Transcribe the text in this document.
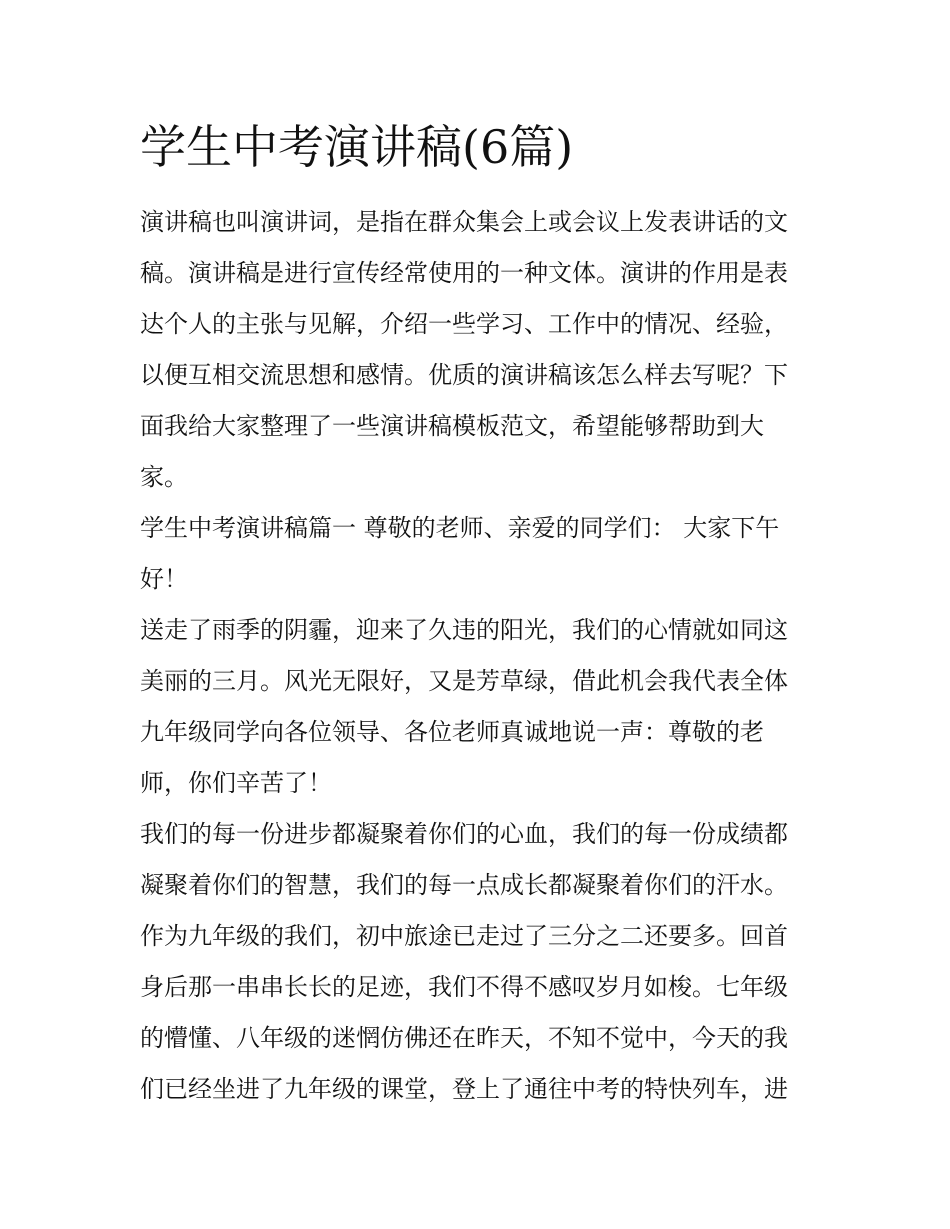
学生中考演讲稿(6篇)

演讲稿也叫演讲词，是指在群众集会上或会议上发表讲话的文

稿。演讲稿是进行宣传经常使用的一种文体。演讲的作用是表

达个人的主张与见解，介绍一些学习、工作中的情况、经验，

以便互相交流思想和感情。优质的演讲稿该怎么样去写呢？下

面我给大家整理了一些演讲稿模板范文，希望能够帮助到大

家。

学生中考演讲稿篇一 尊敬的老师、亲爱的同学们： 大家下午

好！

送走了雨季的阴霾，迎来了久违的阳光，我们的心情就如同这

美丽的三月。风光无限好，又是芳草绿，借此机会我代表全体

九年级同学向各位领导、各位老师真诚地说一声：尊敬的老

师，你们辛苦了！

我们的每一份进步都凝聚着你们的心血，我们的每一份成绩都

凝聚着你们的智慧，我们的每一点成长都凝聚着你们的汗水。

作为九年级的我们，初中旅途已走过了三分之二还要多。回首

身后那一串串长长的足迹，我们不得不感叹岁月如梭。七年级

的懵懂、八年级的迷惘仿佛还在昨天，不知不觉中，今天的我

们已经坐进了九年级的课堂，登上了通往中考的特快列车，进
